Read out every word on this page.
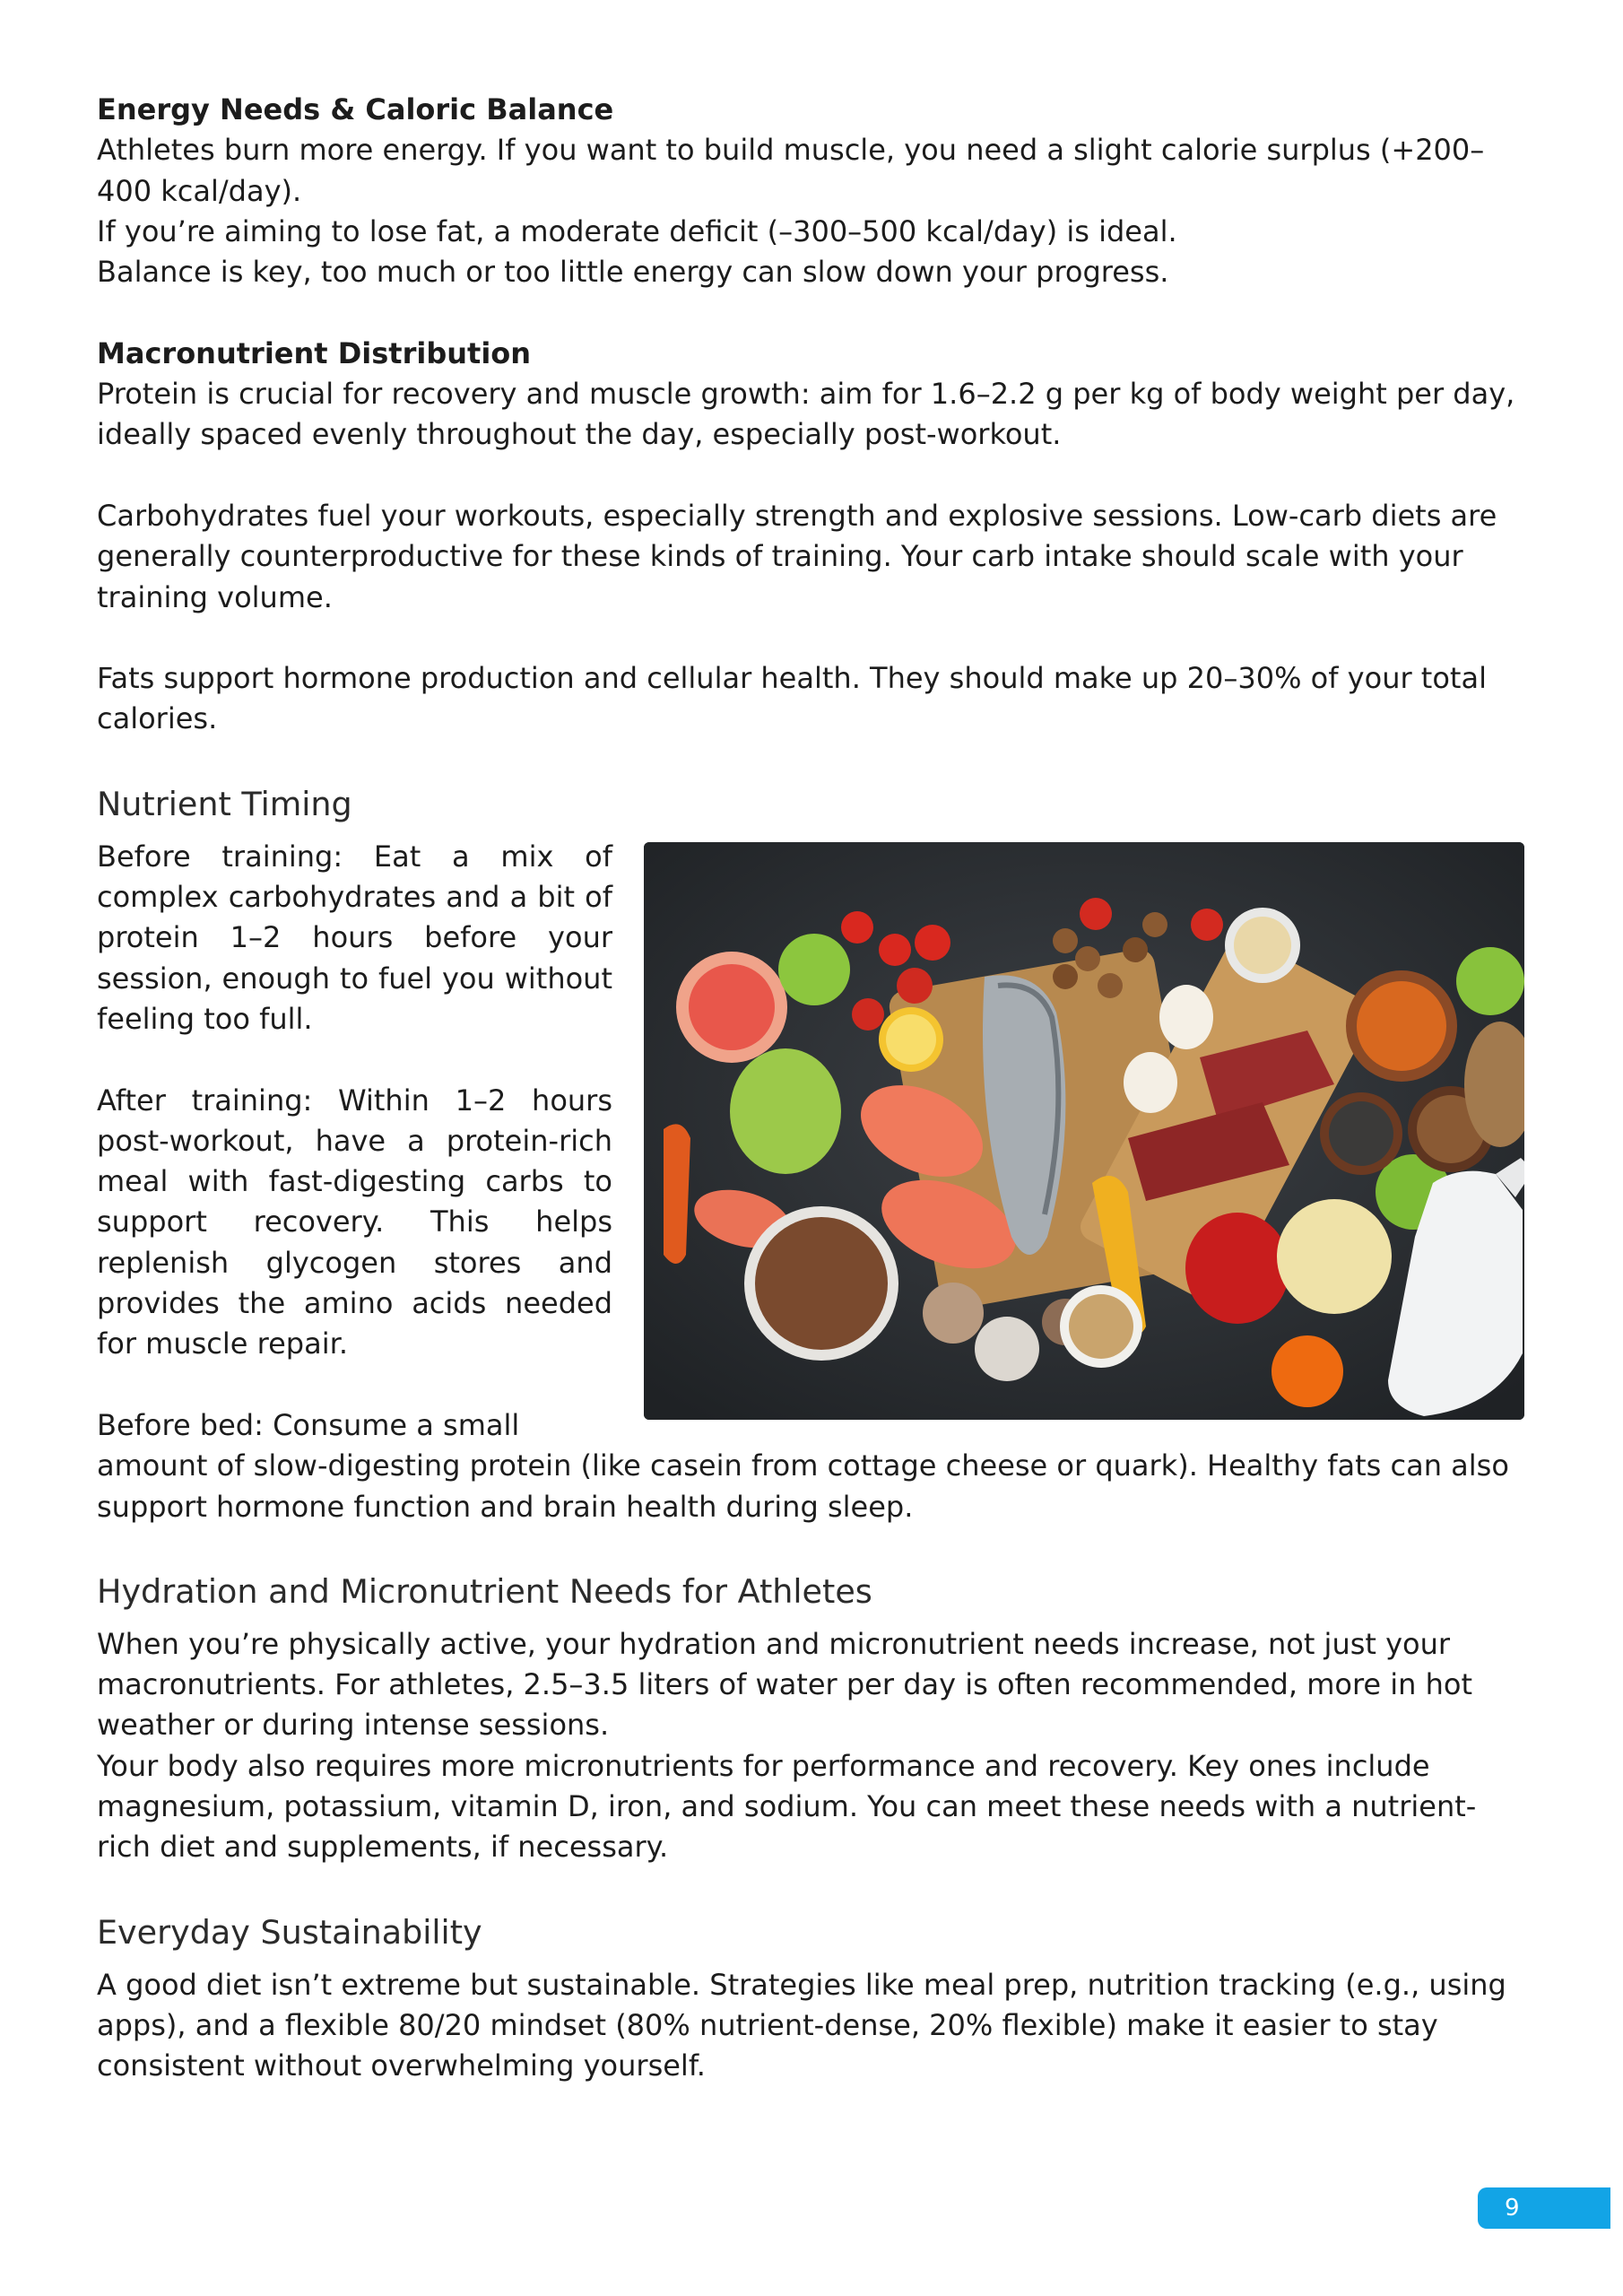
Energy Needs & Caloric Balance

Athletes burn more energy. If you want to build muscle, you need a slight calorie surplus (+200–400 kcal/day).

If you’re aiming to lose fat, a moderate deficit (–300–500 kcal/day) is ideal.

Balance is key, too much or too little energy can slow down your progress.

Macronutrient Distribution

Protein is crucial for recovery and muscle growth: aim for 1.6–2.2 g per kg of body weight per day, ideally spaced evenly throughout the day, especially post-workout.

Carbohydrates fuel your workouts, especially strength and explosive sessions. Low-carb diets are generally counterproductive for these kinds of training. Your carb intake should scale with your training volume.

Fats support hormone production and cellular health. They should make up 20–30% of your total calories.

Nutrient Timing

Before training: Eat a mix of complex carbohydrates and a bit of protein 1–2 hours before your session, enough to fuel you without feeling too full.

After training: Within 1–2 hours post-workout, have a protein-rich meal with fast-digesting carbs to support recovery. This helps replenish glycogen stores and provides the amino acids needed for muscle repair.

Before bed: Consume a small amount of slow-digesting protein (like casein from cottage cheese or quark). Healthy fats can also support hormone function and brain health during sleep.

Hydration and Micronutrient Needs for Athletes

When you’re physically active, your hydration and micronutrient needs increase, not just your macronutrients. For athletes, 2.5–3.5 liters of water per day is often recommended, more in hot weather or during intense sessions.

Your body also requires more micronutrients for performance and recovery. Key ones include magnesium, potassium, vitamin D, iron, and sodium. You can meet these needs with a nutrient-rich diet and supplements, if necessary.

Everyday Sustainability

A good diet isn’t extreme but sustainable. Strategies like meal prep, nutrition tracking (e.g., using apps), and a flexible 80/20 mindset (80% nutrient-dense, 20% flexible) make it easier to stay consistent without overwhelming yourself.

9
